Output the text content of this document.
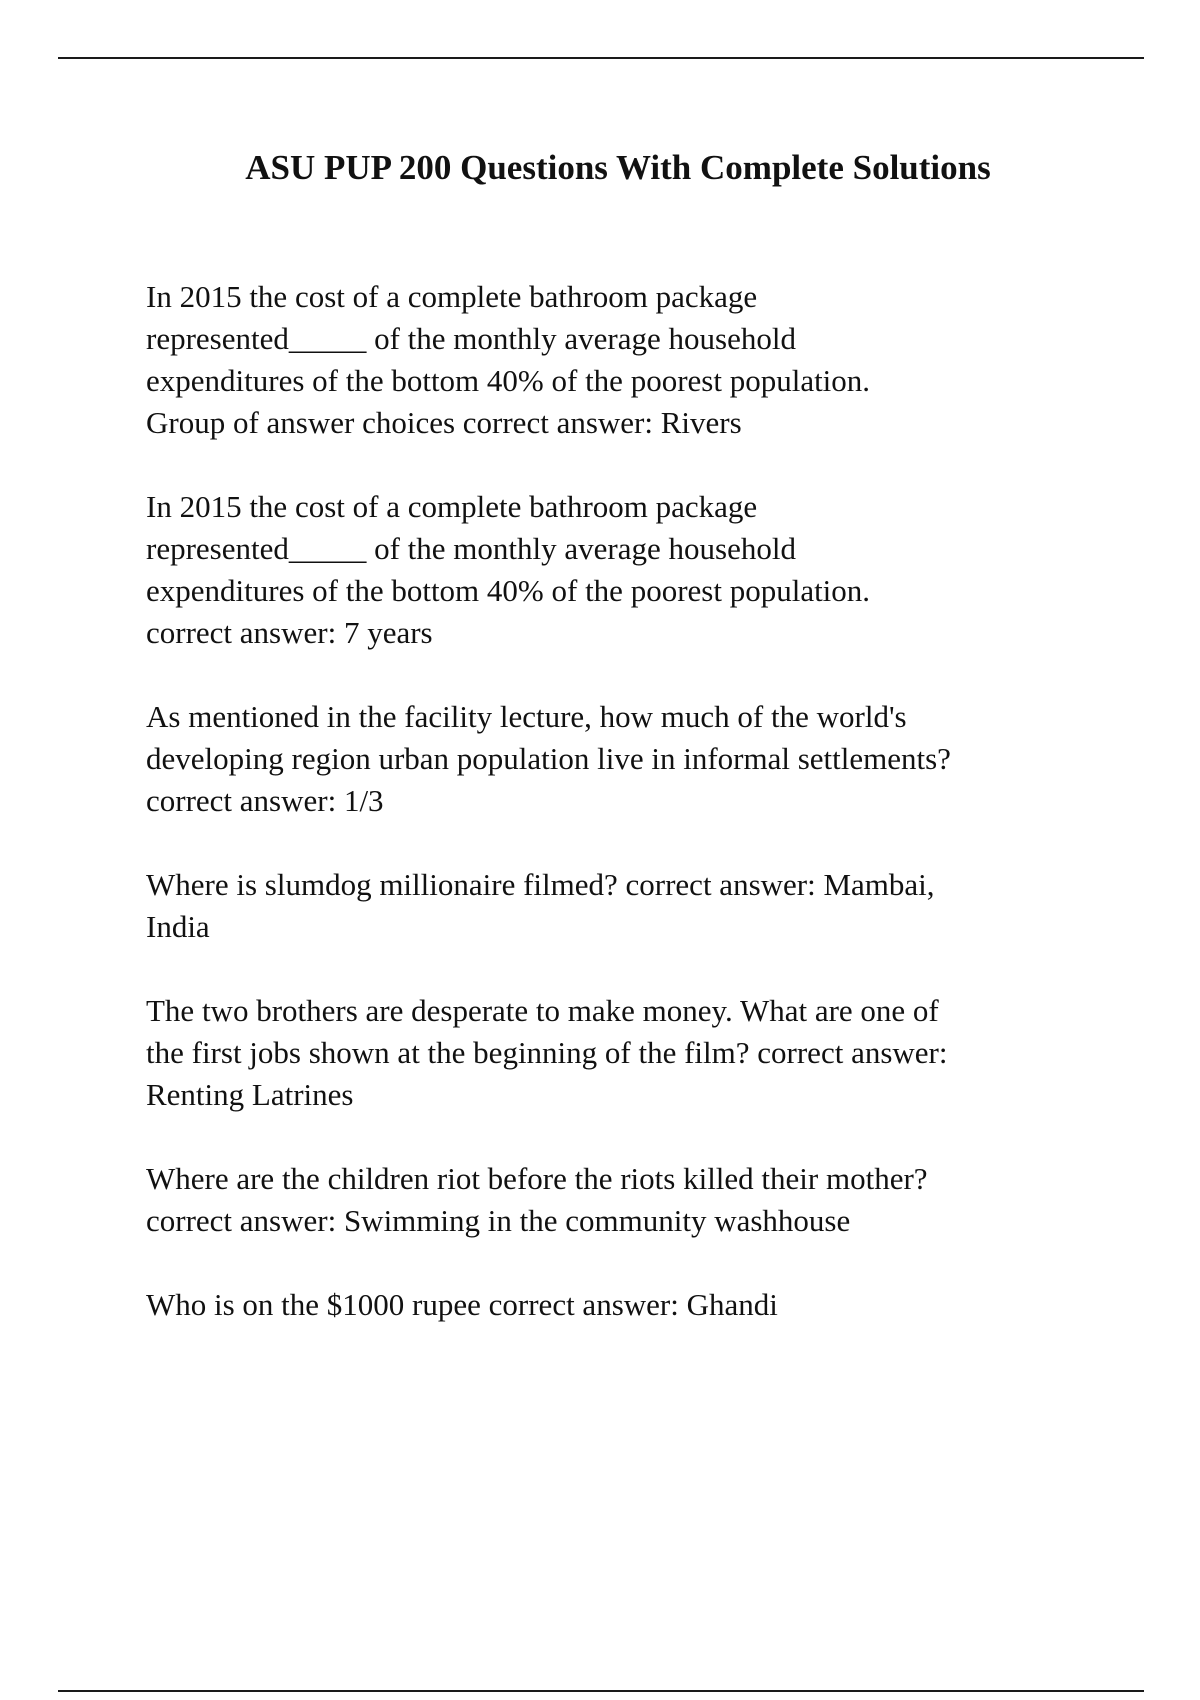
ASU PUP 200 Questions With Complete Solutions

In 2015 the cost of a complete bathroom package
represented_____ of the monthly average household
expenditures of the bottom 40% of the poorest population.
Group of answer choices correct answer: Rivers

In 2015 the cost of a complete bathroom package
represented_____ of the monthly average household
expenditures of the bottom 40% of the poorest population.
correct answer: 7 years

As mentioned in the facility lecture, how much of the world's
developing region urban population live in informal settlements?
correct answer: 1/3

Where is slumdog millionaire filmed? correct answer: Mambai,
India

The two brothers are desperate to make money. What are one of
the first jobs shown at the beginning of the film? correct answer:
Renting Latrines

Where are the children riot before the riots killed their mother?
correct answer: Swimming in the community washhouse

Who is on the $1000 rupee correct answer: Ghandi
